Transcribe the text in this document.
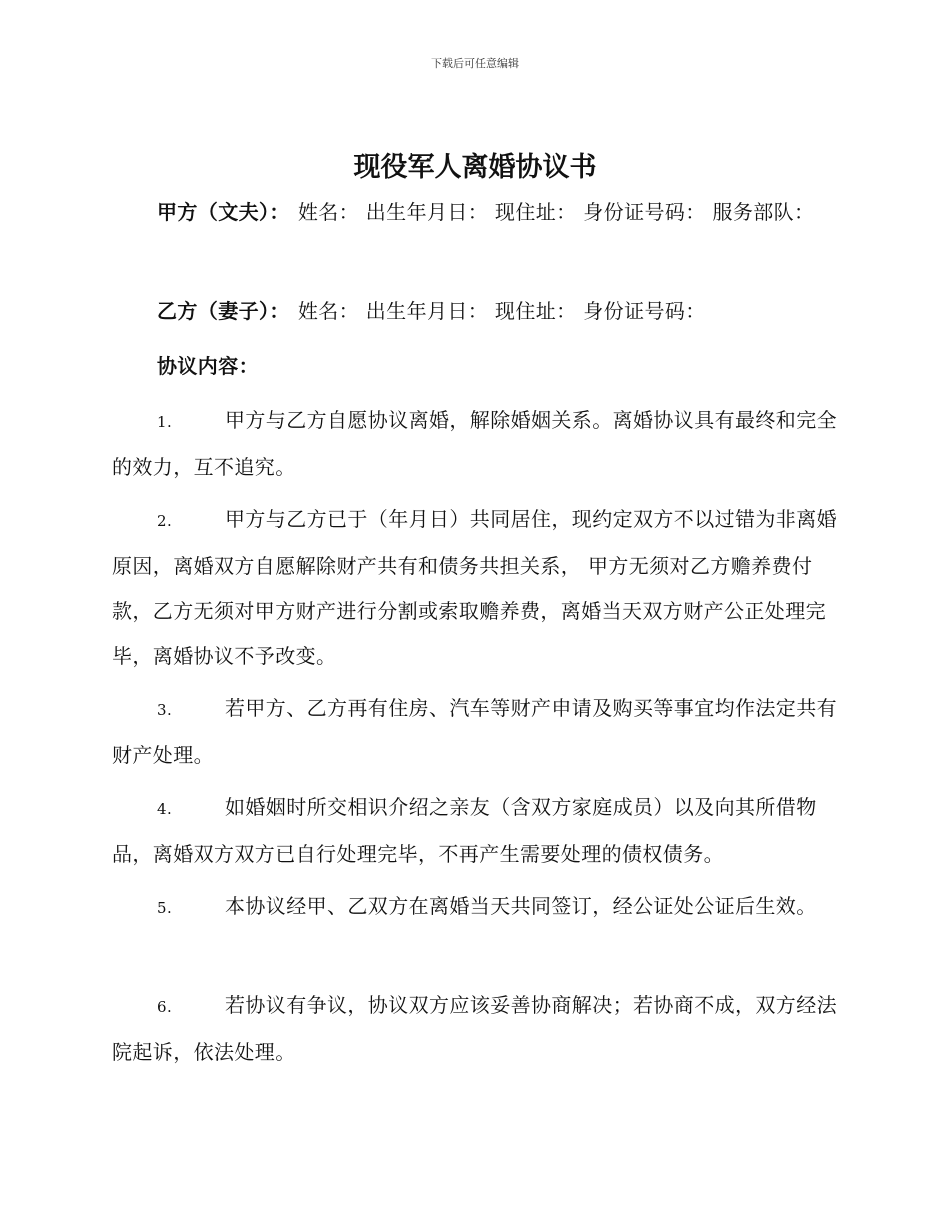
下载后可任意编辑
现役军人离婚协议书

甲方（文夫）： 姓名： 出生年月日： 现住址： 身份证号码： 服务部队：

乙方（妻子）： 姓名： 出生年月日： 现住址： 身份证号码：

协议内容：

1.	甲方与乙方自愿协议离婚，解除婚姻关系。离婚协议具有最终和完全的效力，互不追究。

2.	甲方与乙方已于（年月日）共同居住，现约定双方不以过错为非离婚原因，离婚双方自愿解除财产共有和债务共担关系， 甲方无须对乙方赡养费付款，乙方无须对甲方财产进行分割或索取赡养费，离婚当天双方财产公正处理完毕，离婚协议不予改变。

3.	若甲方、乙方再有住房、汽车等财产申请及购买等事宜均作法定共有财产处理。

4.	如婚姻时所交相识介绍之亲友（含双方家庭成员）以及向其所借物品，离婚双方双方已自行处理完毕，不再产生需要处理的债权债务。

5.	本协议经甲、乙双方在离婚当天共同签订，经公证处公证后生效。

6.	若协议有争议，协议双方应该妥善协商解决；若协商不成，双方经法院起诉，依法处理。
